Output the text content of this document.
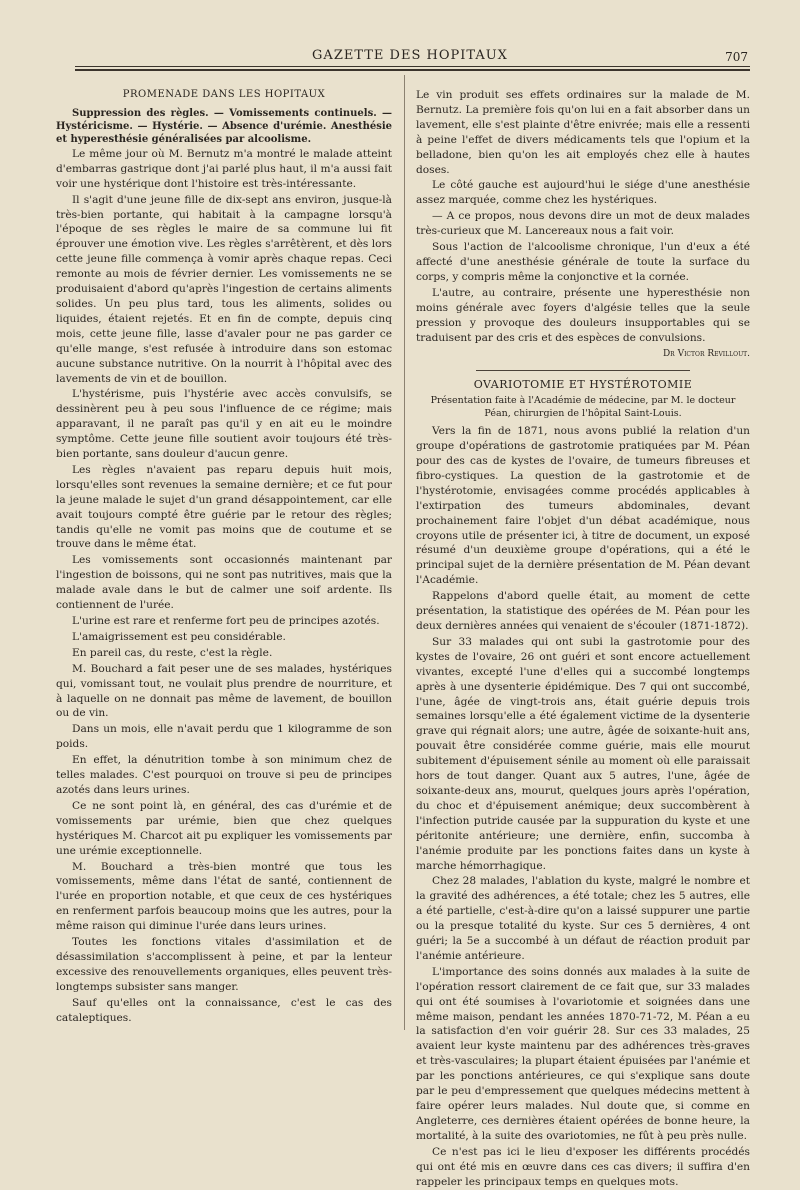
GAZETTE DES HOPITAUX	707
PROMENADE DANS LES HOPITAUX

Suppression des règles. — Vomissements continuels. — Hystéricisme. — Hystérie. — Absence d'urémie. Anesthésie et hyperesthésie généralisées par alcoolisme.

Le même jour où M. Bernutz m'a montré le malade atteint d'embarras gastrique dont j'ai parlé plus haut, il m'a aussi fait voir une hystérique dont l'histoire est très-intéressante.

Il s'agit d'une jeune fille de dix-sept ans environ, jusque-là très-bien portante, qui habitait à la campagne lorsqu'à l'époque de ses règles le maire de sa commune lui fit éprouver une émotion vive. Les règles s'arrêtèrent, et dès lors cette jeune fille commença à vomir après chaque repas. Ceci remonte au mois de février dernier. Les vomissements ne se produisaient d'abord qu'après l'ingestion de certains aliments solides. Un peu plus tard, tous les aliments, solides ou liquides, étaient rejetés. Et en fin de compte, depuis cinq mois, cette jeune fille, lasse d'avaler pour ne pas garder ce qu'elle mange, s'est refusée à introduire dans son estomac aucune substance nutritive. On la nourrit à l'hôpital avec des lavements de vin et de bouillon.

L'hystérisme, puis l'hystérie avec accès convulsifs, se dessinèrent peu à peu sous l'influence de ce régime; mais apparavant, il ne paraît pas qu'il y en ait eu le moindre symptôme. Cette jeune fille soutient avoir toujours été très-bien portante, sans douleur d'aucun genre.

Les règles n'avaient pas reparu depuis huit mois, lorsqu'elles sont revenues la semaine dernière; et ce fut pour la jeune malade le sujet d'un grand désappointement, car elle avait toujours compté être guérie par le retour des règles; tandis qu'elle ne vomit pas moins que de coutume et se trouve dans le même état.

Les vomissements sont occasionnés maintenant par l'ingestion de boissons, qui ne sont pas nutritives, mais que la malade avale dans le but de calmer une soif ardente. Ils contiennent de l'urée.

L'urine est rare et renferme fort peu de principes azotés.

L'amaigrissement est peu considérable.

En pareil cas, du reste, c'est la règle.

M. Bouchard a fait peser une de ses malades, hystériques qui, vomissant tout, ne voulait plus prendre de nourriture, et à laquelle on ne donnait pas même de lavement, de bouillon ou de vin.

Dans un mois, elle n'avait perdu que 1 kilogramme de son poids.

En effet, la dénutrition tombe à son minimum chez de telles malades. C'est pourquoi on trouve si peu de principes azotés dans leurs urines.

Ce ne sont point là, en général, des cas d'urémie et de vomissements par urémie, bien que chez quelques hystériques M. Charcot ait pu expliquer les vomissements par une urémie exceptionnelle.

M. Bouchard a très-bien montré que tous les vomissements, même dans l'état de santé, contiennent de l'urée en proportion notable, et que ceux de ces hystériques en renferment parfois beaucoup moins que les autres, pour la même raison qui diminue l'urée dans leurs urines.

Toutes les fonctions vitales d'assimilation et de désassimilation s'accomplissent à peine, et par la lenteur excessive des renouvellements organiques, elles peuvent très-longtemps subsister sans manger.

Sauf qu'elles ont la connaissance, c'est le cas des cataleptiques.

Le vin produit ses effets ordinaires sur la malade de M. Bernutz. La première fois qu'on lui en a fait absorber dans un lavement, elle s'est plainte d'être enivrée; mais elle a ressenti à peine l'effet de divers médicaments tels que l'opium et la belladone, bien qu'on les ait employés chez elle à hautes doses.

Le côté gauche est aujourd'hui le siége d'une anesthésie assez marquée, comme chez les hystériques.

— A ce propos, nous devons dire un mot de deux malades très-curieux que M. Lancereaux nous a fait voir.

Sous l'action de l'alcoolisme chronique, l'un d'eux a été affecté d'une anesthésie générale de toute la surface du corps, y compris même la conjonctive et la cornée.

L'autre, au contraire, présente une hyperesthésie non moins générale avec foyers d'algésie telles que la seule pression y provoque des douleurs insupportables qui se traduisent par des cris et des espèces de convulsions.

Dr Victor Revillout.
OVARIOTOMIE ET HYSTÉROTOMIE
Présentation faite à l'Académie de médecine, par M. le docteur Péan, chirurgien de l'hôpital Saint-Louis.

Vers la fin de 1871, nous avons publié la relation d'un groupe d'opérations de gastrotomie pratiquées par M. Péan pour des cas de kystes de l'ovaire, de tumeurs fibreuses et fibro-cystiques. La question de la gastrotomie et de l'hystérotomie, envisagées comme procédés applicables à l'extirpation des tumeurs abdominales, devant prochainement faire l'objet d'un débat académique, nous croyons utile de présenter ici, à titre de document, un exposé résumé d'un deuxième groupe d'opérations, qui a été le principal sujet de la dernière présentation de M. Péan devant l'Académie.

Rappelons d'abord quelle était, au moment de cette présentation, la statistique des opérées de M. Péan pour les deux dernières années qui venaient de s'écouler (1871-1872).

Sur 33 malades qui ont subi la gastrotomie pour des kystes de l'ovaire, 26 ont guéri et sont encore actuellement vivantes, excepté l'une d'elles qui a succombé longtemps après à une dysenterie épidémique. Des 7 qui ont succombé, l'une, âgée de vingt-trois ans, était guérie depuis trois semaines lorsqu'elle a été également victime de la dysenterie grave qui régnait alors; une autre, âgée de soixante-huit ans, pouvait être considérée comme guérie, mais elle mourut subitement d'épuisement sénile au moment où elle paraissait hors de tout danger. Quant aux 5 autres, l'une, âgée de soixante-deux ans, mourut, quelques jours après l'opération, du choc et d'épuisement anémique; deux succombèrent à l'infection putride causée par la suppuration du kyste et une péritonite antérieure; une dernière, enfin, succomba à l'anémie produite par les ponctions faites dans un kyste à marche hémorrhagique.

Chez 28 malades, l'ablation du kyste, malgré le nombre et la gravité des adhérences, a été totale; chez les 5 autres, elle a été partielle, c'est-à-dire qu'on a laissé suppurer une partie ou la presque totalité du kyste. Sur ces 5 dernières, 4 ont guéri; la 5e a succombé à un défaut de réaction produit par l'anémie antérieure.

L'importance des soins donnés aux malades à la suite de l'opération ressort clairement de ce fait que, sur 33 malades qui ont été soumises à l'ovariotomie et soignées dans une même maison, pendant les années 1870-71-72, M. Péan a eu la satisfaction d'en voir guérir 28. Sur ces 33 malades, 25 avaient leur kyste maintenu par des adhérences très-graves et très-vasculaires; la plupart étaient épuisées par l'anémie et par les ponctions antérieures, ce qui s'explique sans doute par le peu d'empressement que quelques médecins mettent à faire opérer leurs malades. Nul doute que, si comme en Angleterre, ces dernières étaient opérées de bonne heure, la mortalité, à la suite des ovariotomies, ne fût à peu près nulle.

Ce n'est pas ici le lieu d'exposer les différents procédés qui ont été mis en œuvre dans ces cas divers; il suffira d'en rappeler les principaux temps en quelques mots.
